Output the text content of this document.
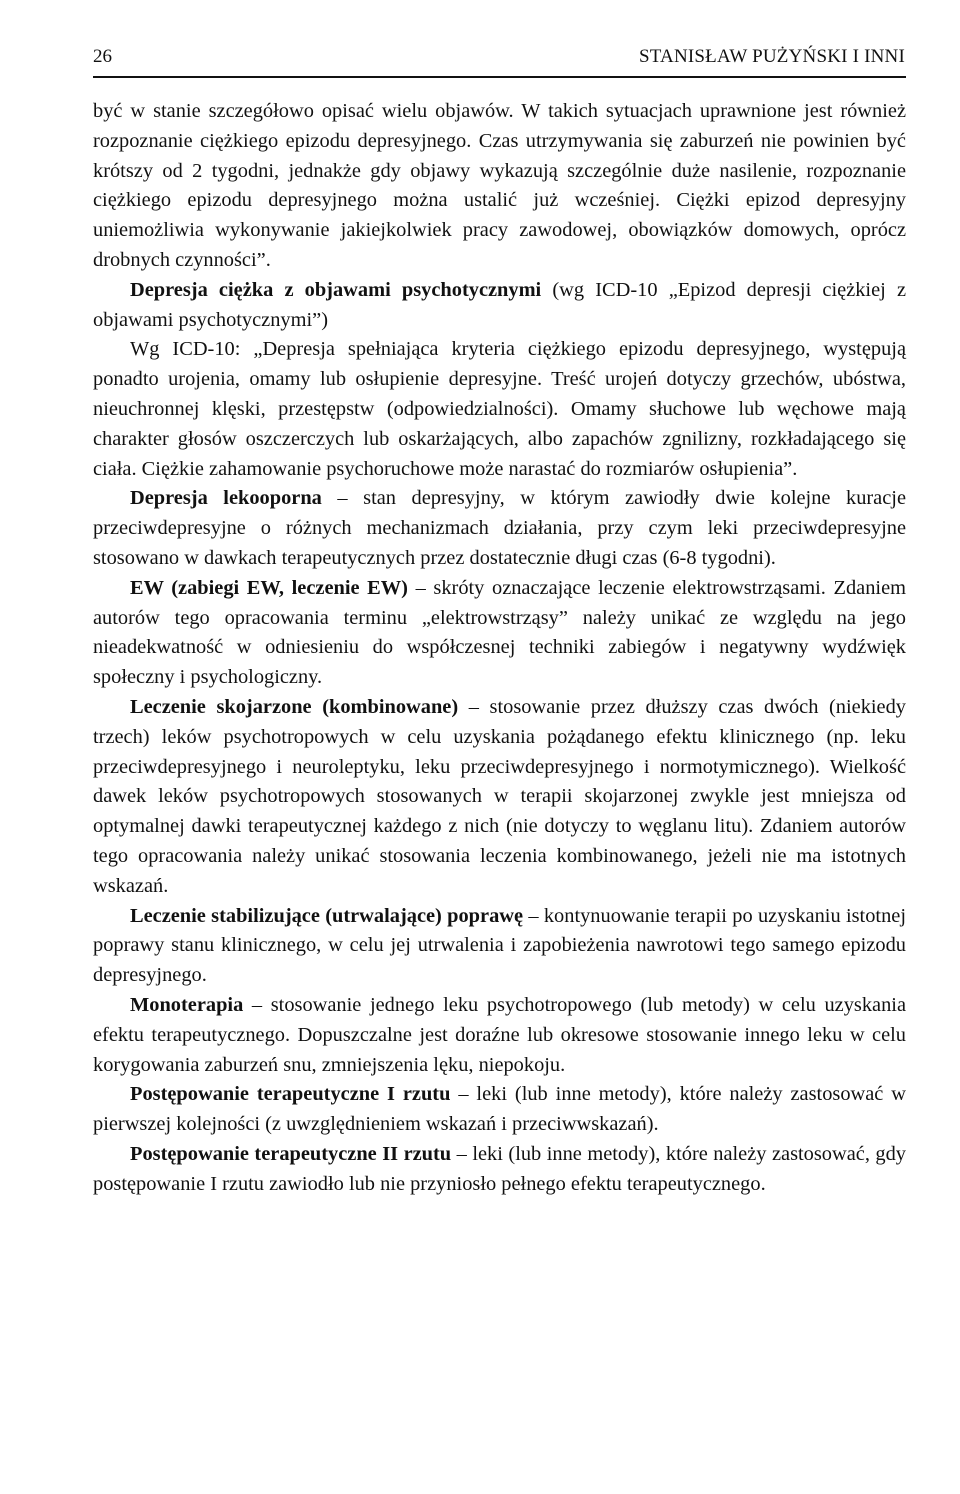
26	STANISŁAW PUŻYŃSKI I INNI

być w stanie szczegółowo opisać wielu objawów. W takich sytuacjach uprawnione jest również rozpoznanie ciężkiego epizodu depresyjnego. Czas utrzymywania się zaburzeń nie powinien być krótszy od 2 tygodni, jednakże gdy objawy wykazują szczególnie duże nasilenie, rozpoznanie ciężkiego epizodu depresyjnego można ustalić już wcześniej. Ciężki epizod depresyjny uniemożliwia wykonywanie jakiejkolwiek pracy zawodowej, obowiązków domowych, oprócz drobnych czynności”.

Depresja ciężka z objawami psychotycznymi (wg ICD-10 „Epizod depresji ciężkiej z objawami psychotycznymi”)

Wg ICD-10: „Depresja spełniająca kryteria ciężkiego epizodu depresyjnego, występują ponadto urojenia, omamy lub osłupienie depresyjne. Treść urojeń dotyczy grzechów, ubóstwa, nieuchronnej klęski, przestępstw (odpowiedzialności). Omamy słuchowe lub węchowe mają charakter głosów oszczerczych lub oskarżających, albo zapachów zgnilizny, rozkładającego się ciała. Ciężkie zahamowanie psychoruchowe może narastać do rozmiarów osłupienia”.

Depresja lekooporna – stan depresyjny, w którym zawiodły dwie kolejne kuracje przeciwdepresyjne o różnych mechanizmach działania, przy czym leki przeciwdepresyjne stosowano w dawkach terapeutycznych przez dostatecznie długi czas (6-8 tygodni).

EW (zabiegi EW, leczenie EW) – skróty oznaczające leczenie elektrowstrząsami. Zdaniem autorów tego opracowania terminu „elektrowstrząsy” należy unikać ze względu na jego nieadekwatność w odniesieniu do współczesnej techniki zabiegów i negatywny wydźwięk społeczny i psychologiczny.

Leczenie skojarzone (kombinowane) – stosowanie przez dłuższy czas dwóch (niekiedy trzech) leków psychotropowych w celu uzyskania pożądanego efektu klinicznego (np. leku przeciwdepresyjnego i neuroleptyku, leku przeciwdepresyjnego i normotymicznego). Wielkość dawek leków psychotropowych stosowanych w terapii skojarzonej zwykle jest mniejsza od optymalnej dawki terapeutycznej każdego z nich (nie dotyczy to węglanu litu). Zdaniem autorów tego opracowania należy unikać stosowania leczenia kombinowanego, jeżeli nie ma istotnych wskazań.

Leczenie stabilizujące (utrwalające) poprawę – kontynuowanie terapii po uzyskaniu istotnej poprawy stanu klinicznego, w celu jej utrwalenia i zapobieżenia nawrotowi tego samego epizodu depresyjnego.

Monoterapia – stosowanie jednego leku psychotropowego (lub metody) w celu uzyskania efektu terapeutycznego. Dopuszczalne jest doraźne lub okresowe stosowanie innego leku w celu korygowania zaburzeń snu, zmniejszenia lęku, niepokoju.

Postępowanie terapeutyczne I rzutu – leki (lub inne metody), które należy zastosować w pierwszej kolejności (z uwzględnieniem wskazań i przeciwwskazań).

Postępowanie terapeutyczne II rzutu – leki (lub inne metody), które należy zastosować, gdy postępowanie I rzutu zawiodło lub nie przyniosło pełnego efektu terapeutycznego.
